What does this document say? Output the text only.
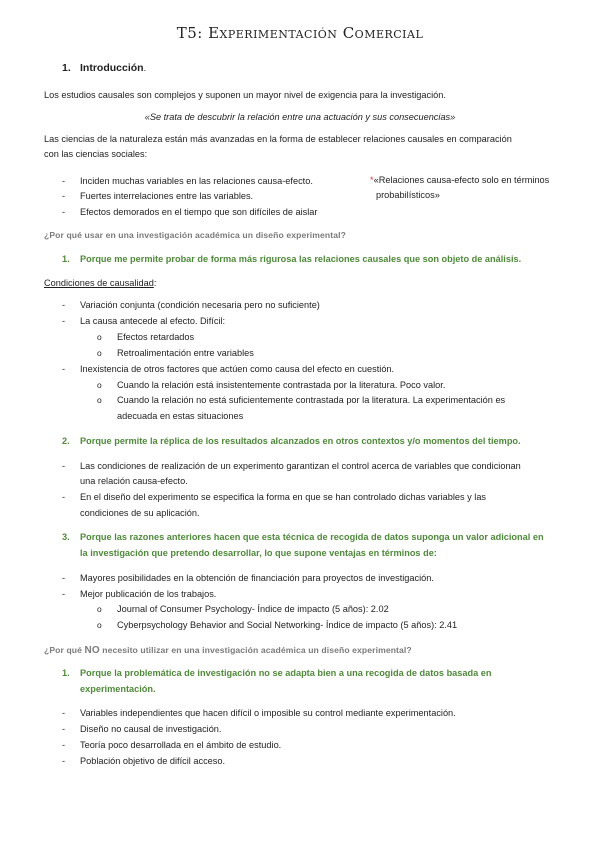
T5: Experimentación Comercial
1. Introducción.
Los estudios causales son complejos y suponen un mayor nivel de exigencia para la investigación.
«Se trata de descubrir la relación entre una actuación y sus consecuencias»
Las ciencias de la naturaleza están más avanzadas en la forma de establecer relaciones causales en comparación
con las ciencias sociales:
- Inciden muchas variables en las relaciones causa-efecto.
- Fuertes interrelaciones entre las variables.
- Efectos demorados en el tiempo que son difíciles de aislar
*«Relaciones causa-efecto solo en términos
probabilísticos»
¿Por qué usar en una investigación académica un diseño experimental?
1. Porque me permite probar de forma más rigurosa las relaciones causales que son objeto de análisis.
Condiciones de causalidad:
- Variación conjunta (condición necesaria pero no suficiente)
- La causa antecede al efecto. Difícil:
o Efectos retardados
o Retroalimentación entre variables
- Inexistencia de otros factores que actúen como causa del efecto en cuestión.
o Cuando la relación está insistentemente contrastada por la literatura. Poco valor.
o Cuando la relación no está suficientemente contrastada por la literatura. La experimentación es
adecuada en estas situaciones
2. Porque permite la réplica de los resultados alcanzados en otros contextos y/o momentos del tiempo.
- Las condiciones de realización de un experimento garantizan el control acerca de variables que condicionan
una relación causa-efecto.
- En el diseño del experimento se especifica la forma en que se han controlado dichas variables y las
condiciones de su aplicación.
3. Porque las razones anteriores hacen que esta técnica de recogida de datos suponga un valor adicional en
la investigación que pretendo desarrollar, lo que supone ventajas en términos de:
- Mayores posibilidades en la obtención de financiación para proyectos de investigación.
- Mejor publicación de los trabajos.
o Journal of Consumer Psychology- Índice de impacto (5 años): 2.02
o Cyberpsychology Behavior and Social Networking- Índice de impacto (5 años): 2.41
¿Por qué NO necesito utilizar en una investigación académica un diseño experimental?
1. Porque la problemática de investigación no se adapta bien a una recogida de datos basada en
experimentación.
- Variables independientes que hacen difícil o imposible su control mediante experimentación.
- Diseño no causal de investigación.
- Teoría poco desarrollada en el ámbito de estudio.
- Población objetivo de difícil acceso.
